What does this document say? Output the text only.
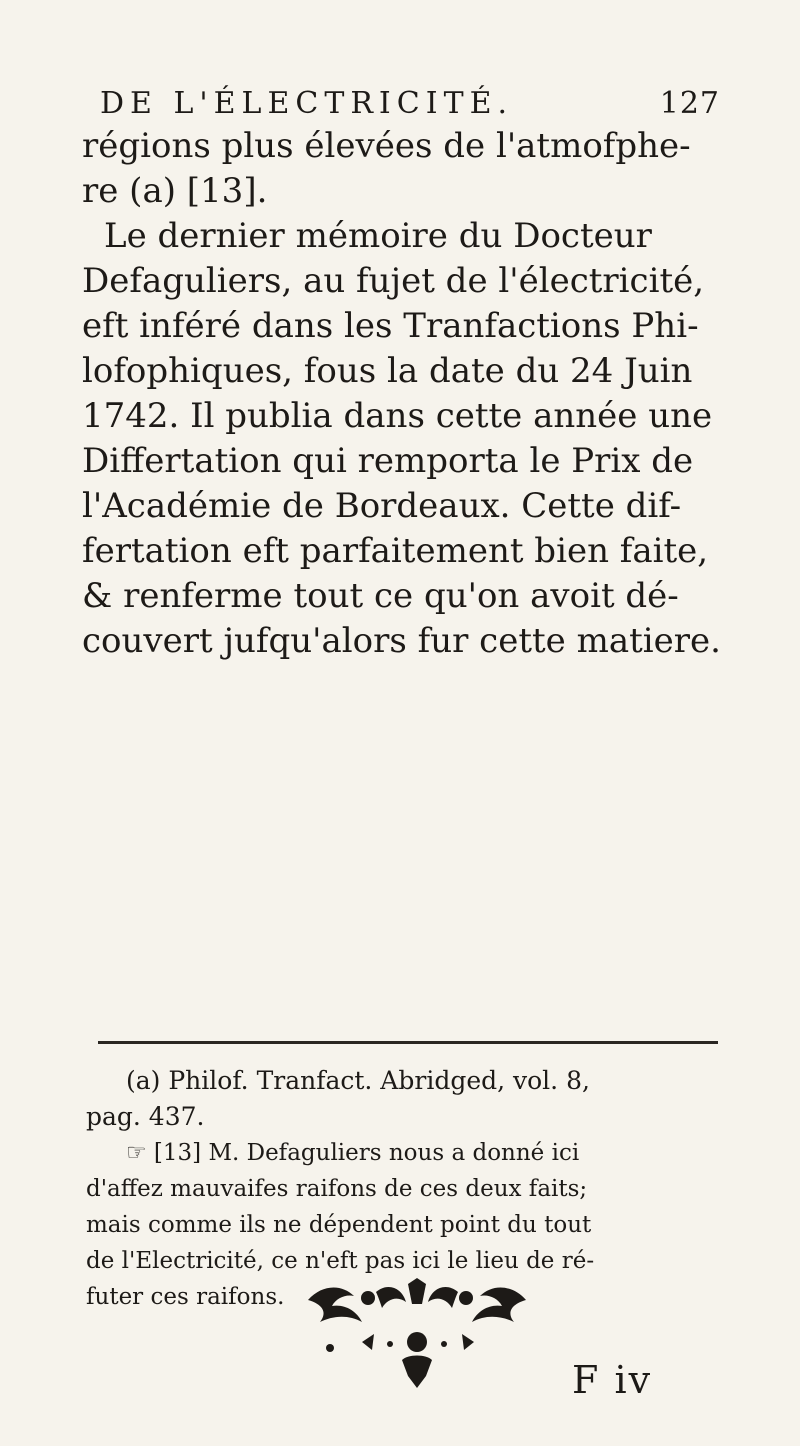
DE L'ÉLECTRICITÉ.	127
régions plus élevées de l'atmofphe-
re (a) [13].
Le dernier mémoire du Docteur
Defaguliers, au fujet de l'électricité,
eft inféré dans les Tranfactions Phi-
lofophiques, fous la date du 24 Juin
1742. Il publia dans cette année une
Differtation qui remporta le Prix de
l'Académie de Bordeaux. Cette dif-
fertation eft parfaitement bien faite,
& renferme tout ce qu'on avoit dé-
couvert jufqu'alors fur cette matiere.
(a) Philof. Tranfact. Abridged, vol. 8,
pag. 437.
☞ [13] M. Defaguliers nous a donné ici
d'affez mauvaifes raifons de ces deux faits;
mais comme ils ne dépendent point du tout
de l'Electricité, ce n'eft pas ici le lieu de ré-
futer ces raifons.
F iv
